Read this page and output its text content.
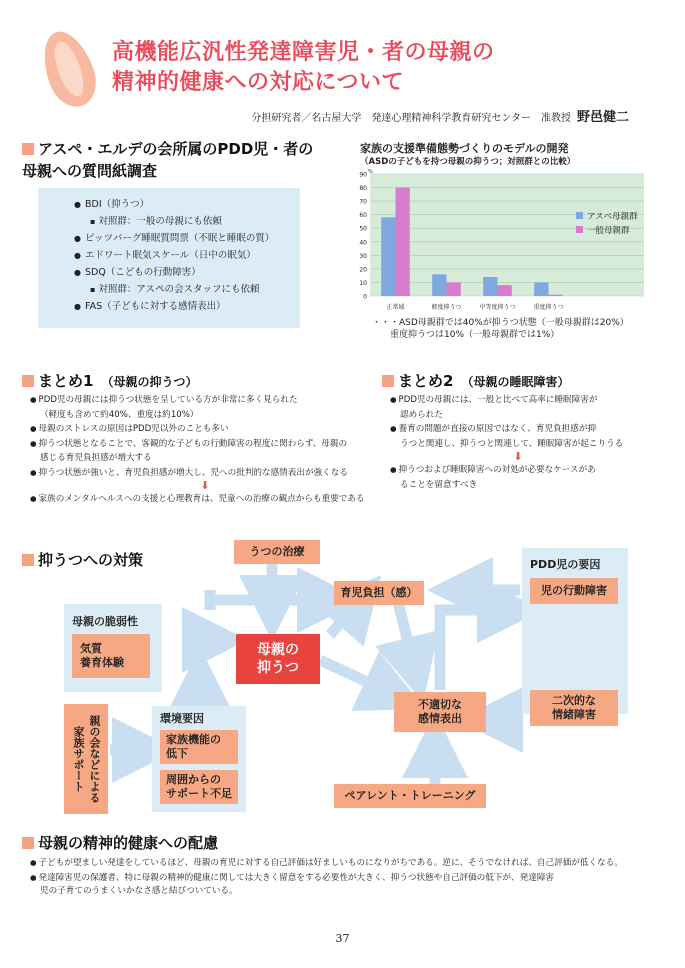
高機能広汎性発達障害児・者の母親の
精神的健康への対応について
分担研究者／名古屋大学　発達心理精神科学教育研究センター　准教授 野邑健二
アスペ・エルデの会所属のPDD児・者の
母親への質問紙調査
● BDI（抑うつ）
▪ 対照群：一般の母親にも依頼
● ピッツバーグ睡眠質問票（不眠と睡眠の質）
● エドワート眠気スケール（日中の眠気）
● SDQ（こどもの行動障害）
▪ 対照群：アスペの会スタッフにも依頼
● FAS（子どもに対する感情表出）
家族の支援準備態勢づくりのモデルの開発
（ASDの子どもを持つ母親の抑うつ；対照群との比較）
0
10
20
30
40
50
60
70
80
90 %
正常域	軽度抑うつ	中等度抑うつ	重度抑うつ
アスペ母親群
一般母親群
・・・ASD母親群では40%が抑うつ状態（一般母親群は20%）
重度抑うつは10%（一般母親群では1%）
まとめ1 （母親の抑うつ）
● PDD児の母親には抑うつ状態を呈している方が非常に多く見られた
（軽度も含めて約40%、重度は約10%）
● 母親のストレスの原因はPDD児以外のことも多い
● 抑うつ状態となることで、客観的な子どもの行動障害の程度に関わらず、母親の
感じる育児負担感が増大する
● 抑うつ状態が強いと、育児負担感が増大し、児への批判的な感情表出が強くなる
⬇
● 家族のメンタルヘルスへの支援と心理教育は、児童への治療の観点からも重要である
まとめ2 （母親の睡眠障害）
● PDD児の母親には、一般と比べて高率に睡眠障害が
認められた
● 養育の問題が直接の原因ではなく、育児負担感が抑
うつと関連し、抑うつと関連して、睡眠障害が起こりうる
⬇
● 抑うつおよび睡眠障害への対処が必要なケースがあ
ることを留意すべき
抑うつへの対策	うつの治療
育児負担（感）
PDD児の要因
児の行動障害
二次的な
情緒障害
母親の脆弱性
気質
養育体験
母親の
抑うつ
不適切な
感情表出
家族サポート 親の会などによる	環境要因
家族機能の
低下
周囲からの
サポート不足	ペアレント・トレーニング
母親の精神的健康への配慮
● 子どもが望ましい発達をしているほど、母親の育児に対する自己評価は好ましいものになりがちである。逆に、そうでなければ、自己評価が低くなる。
● 発達障害児の保護者、特に母親の精神的健康に関しては大きく留意をする必要性が大きく、抑うつ状態や自己評価の低下が、発達障害
児の子育てのうまくいかなさ感と結びついている。
37
